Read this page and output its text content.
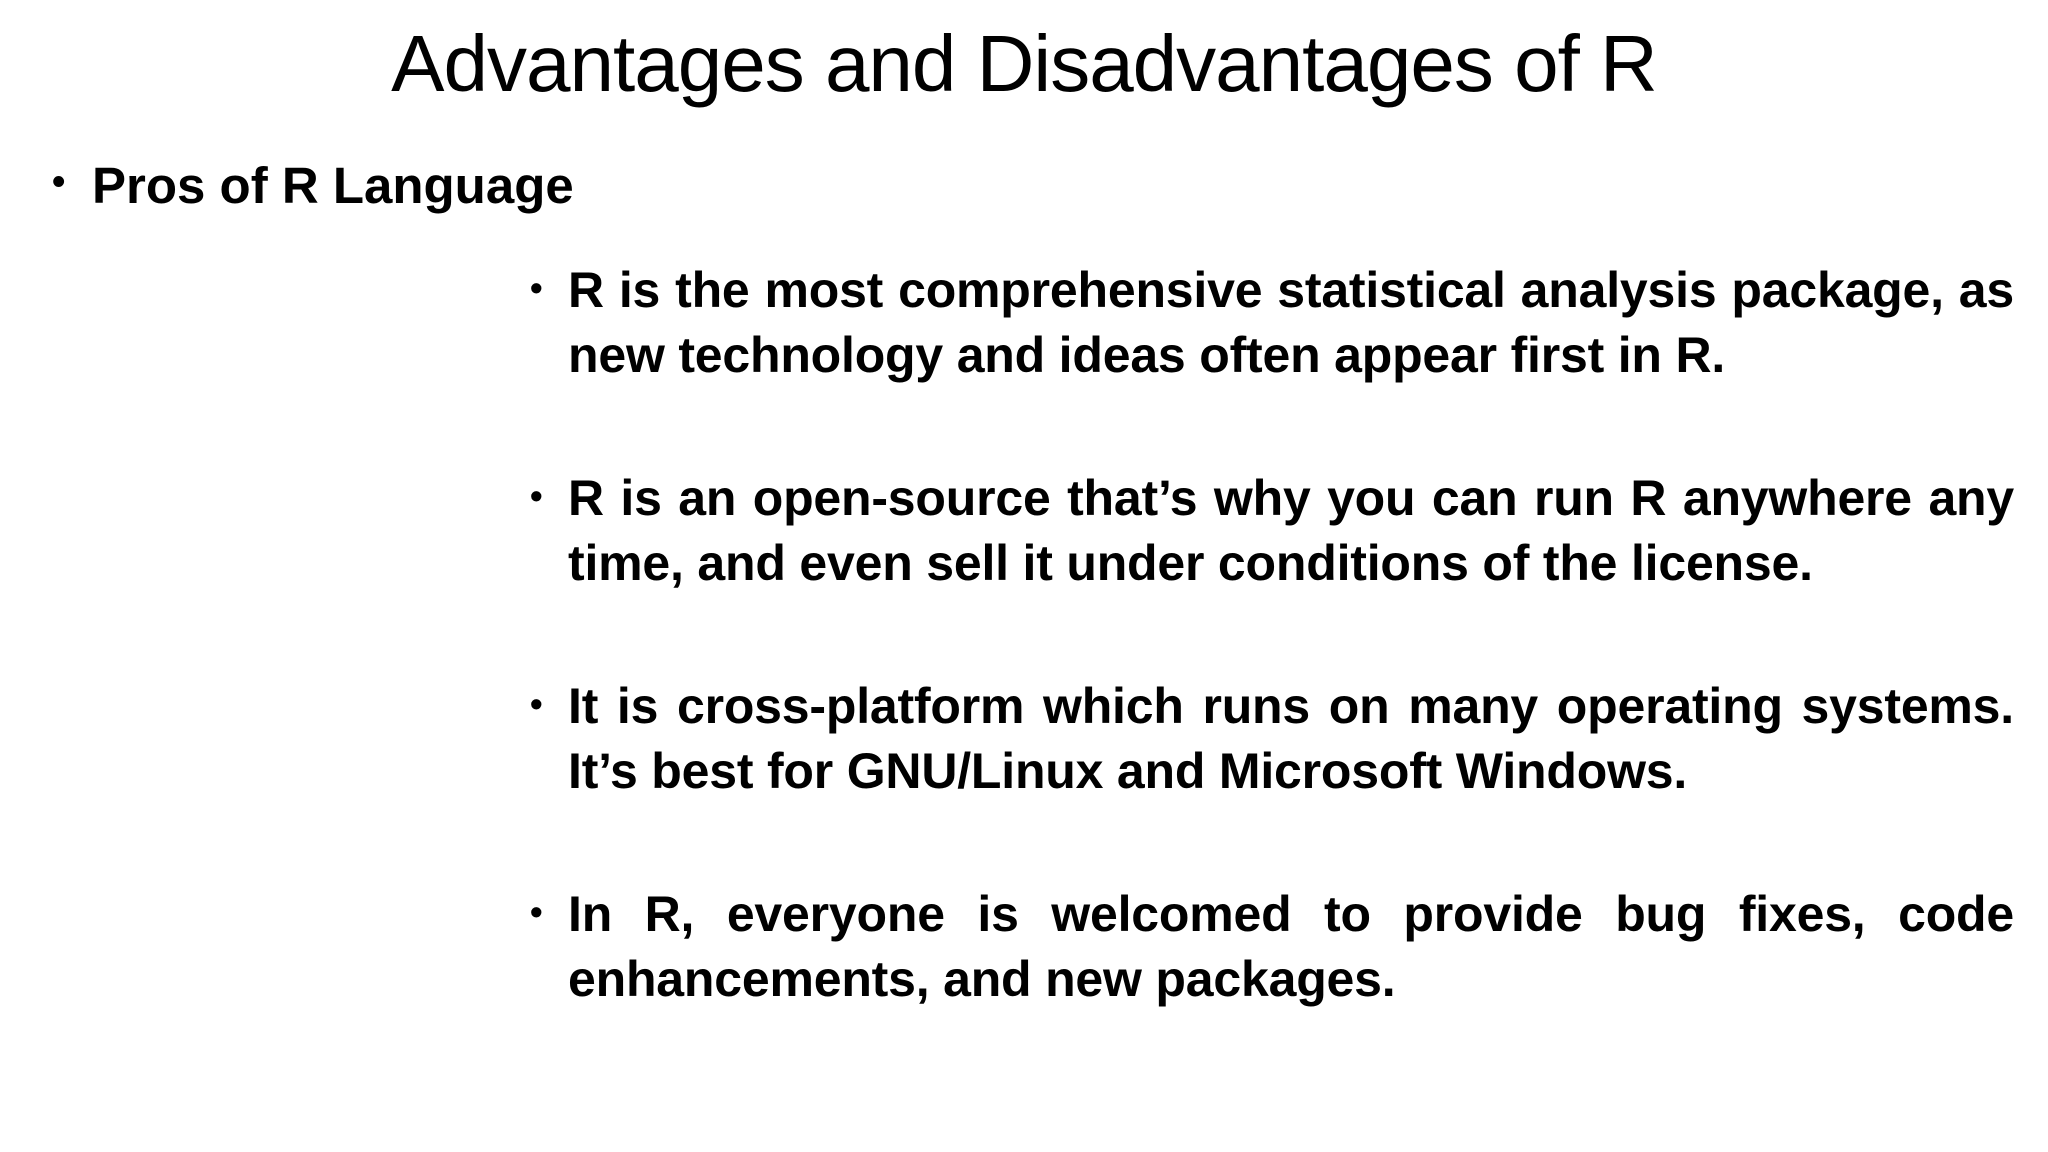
Advantages and Disadvantages of R
• Pros of R Language
• R is the most comprehensive statistical analysis package, as new technology and ideas often appear first in R.
• R is an open-source that’s why you can run R anywhere any time, and even sell it under conditions of the license.
• It is cross-platform which runs on many operating systems. It’s best for GNU/Linux and Microsoft Windows.
• In R, everyone is welcomed to provide bug fixes, code enhancements, and new packages.
